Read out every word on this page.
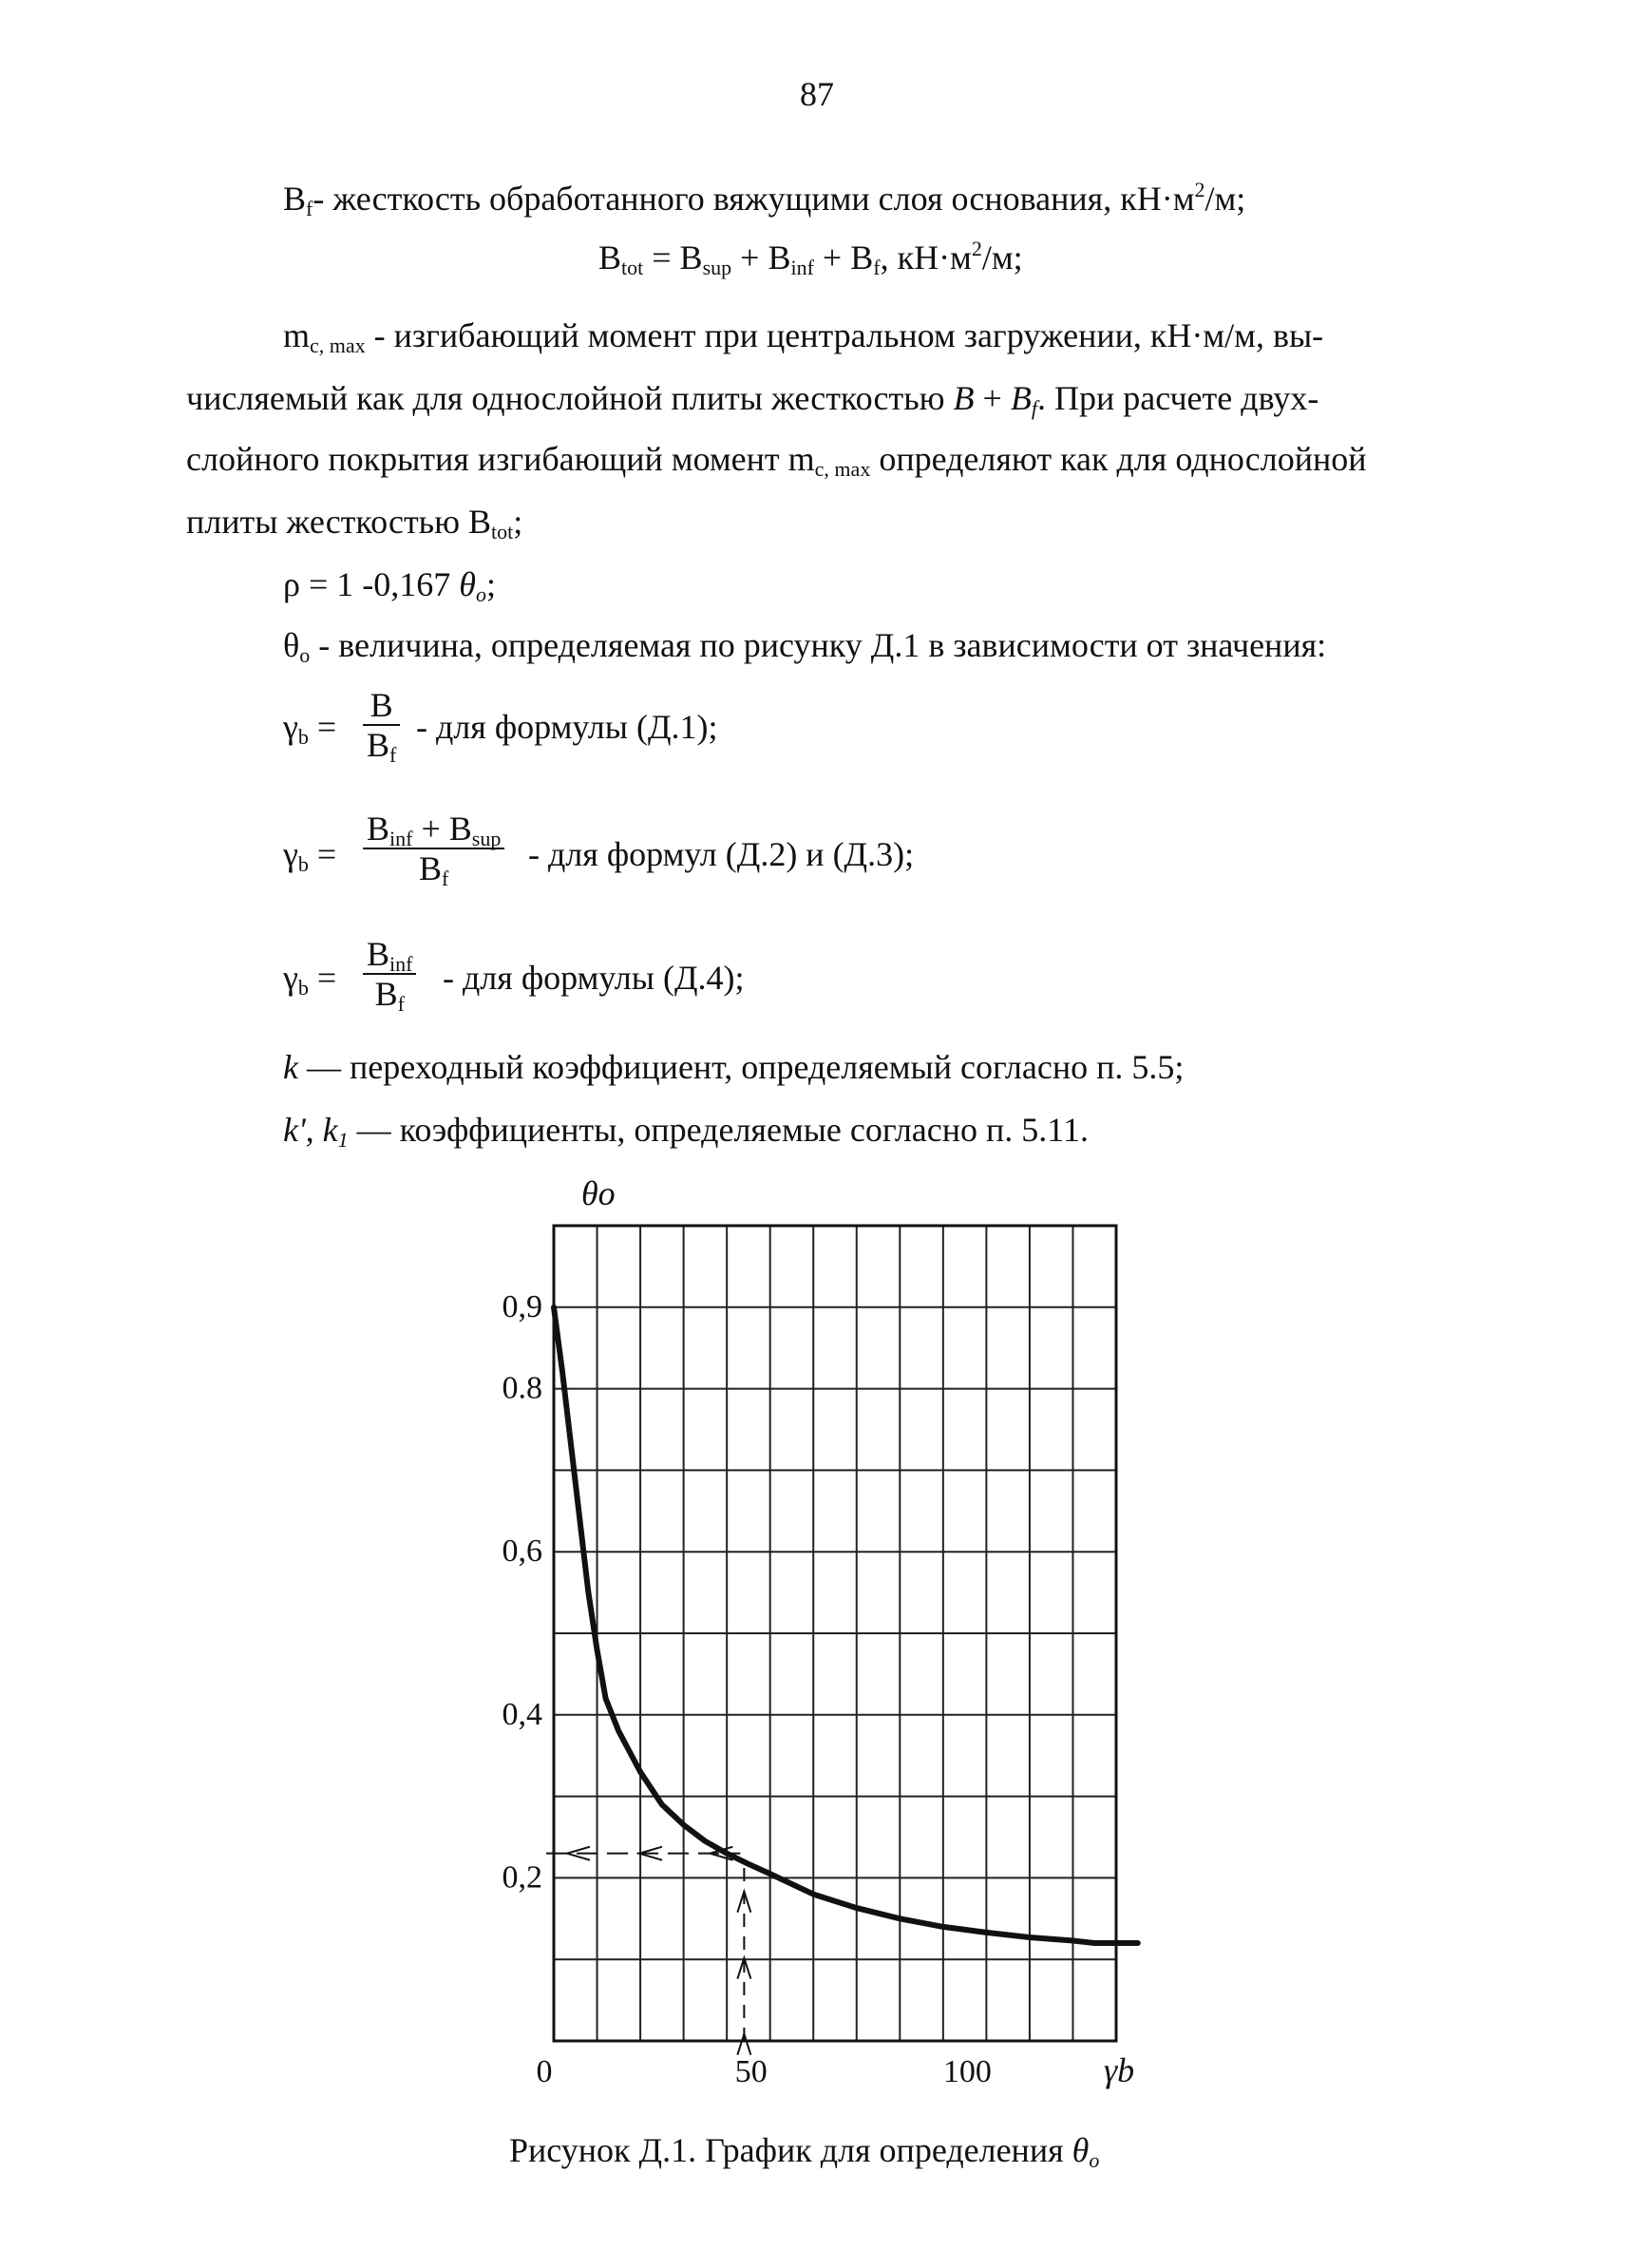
87
$B_f-$ жесткость обработанного вяжущими слоя основания, $кН\cdot м^2/м$;
$B_{tot} = B_{sup} + B_{inf} + B_f$, $кН\cdot м^2/м$;
$m_{c, max}$ - изгибающий момент при центральном загружении, кН·м/м, вы-
числяемый как для однослойной плиты жесткостью $B + B_f$. При расчете двух-
слойного покрытия изгибающий момент $m_{c, max}$ определяют как для однослойной
плиты жесткостью $B_{tot}$;
ρ = 1 -0,167 $\theta_o$;
$\theta_o$ - величина, определяемая по рисунку Д.1 в зависимости от значения:
$\gamma_b = \frac{B}{B_f}$ - для формулы (Д.1);
$\gamma_b$ =
$B_{inf} + B_{sup}$
$B_f$
- для формул (Д.2) и (Д.3);
$\gamma_b$ =
$B_{inf}$
$B_f$
- для формулы (Д.4);
k — переходный коэффициент, определяемый согласно п. 5.5;
k', $k_1$ — коэффициенты, определяемые согласно п. 5.11.
θo
0,9
0.8
0,6
0,4
0,2
0	50	100	γb
Рисунок Д.1. График для определения $\theta_o$
